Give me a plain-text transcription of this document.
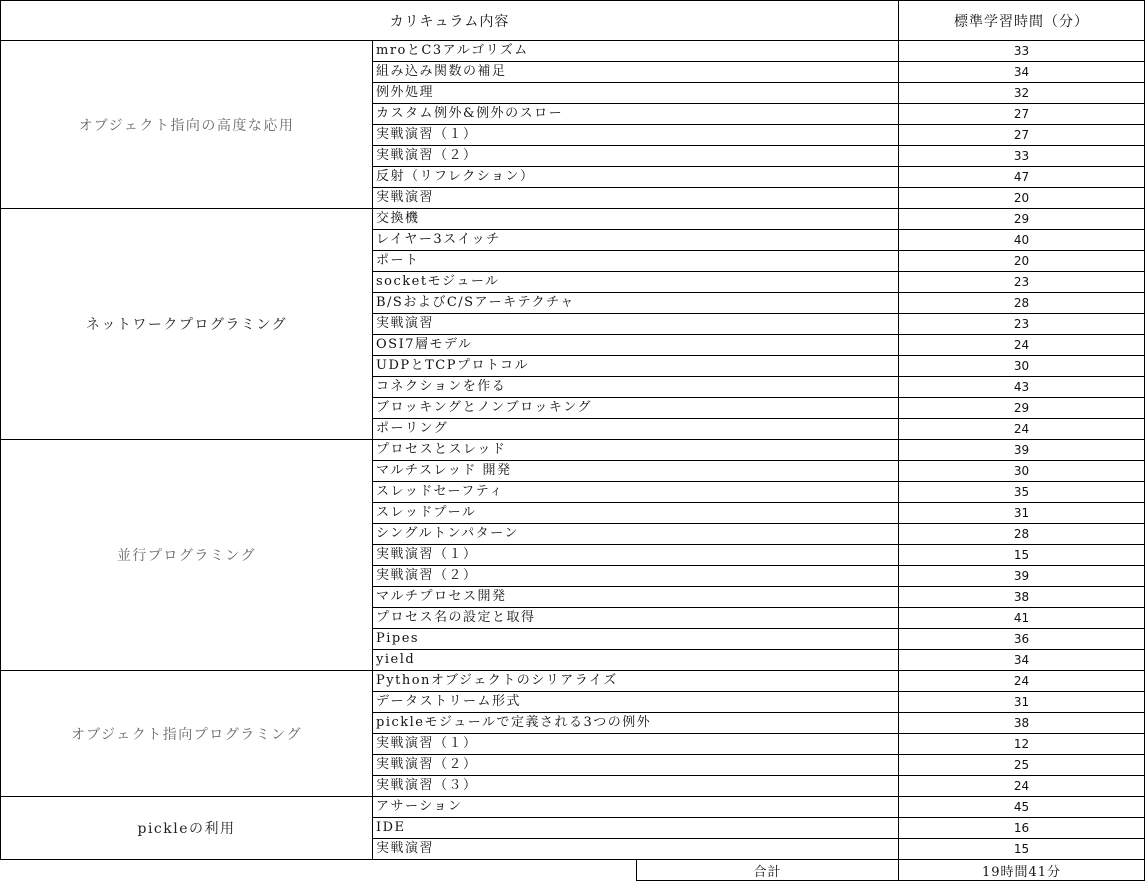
カリキュラム内容	標準学習時間（分）
オブジェクト指向の高度な応用
mroとC3アルゴリズム	33
組み込み関数の補足	34
例外処理	32
カスタム例外&例外のスロー	27
実戦演習（１）	27
実戦演習（２）	33
反射（リフレクション）	47
実戦演習	20
ネットワークプログラミング
交換機	29
レイヤー3スイッチ	40
ポート	20
socketモジュール	23
B/SおよびC/Sアーキテクチャ	28
実戦演習	23
OSI7層モデル	24
UDPとTCPプロトコル	30
コネクションを作る	43
ブロッキングとノンブロッキング	29
ポーリング	24
並行プログラミング
プロセスとスレッド	39
マルチスレッド 開発	30
スレッドセーフティ	35
スレッドプール	31
シングルトンパターン	28
実戦演習（１）	15
実戦演習（２）	39
マルチプロセス開発	38
プロセス名の設定と取得	41
Pipes	36
yield	34
オブジェクト指向プログラミング
Pythonオブジェクトのシリアライズ	24
データストリーム形式	31
pickleモジュールで定義される3つの例外	38
実戦演習（１）	12
実戦演習（２）	25
実戦演習（３）	24
pickleの利用
アサーション	45
IDE	16
実戦演習	15
合計	19時間41分
